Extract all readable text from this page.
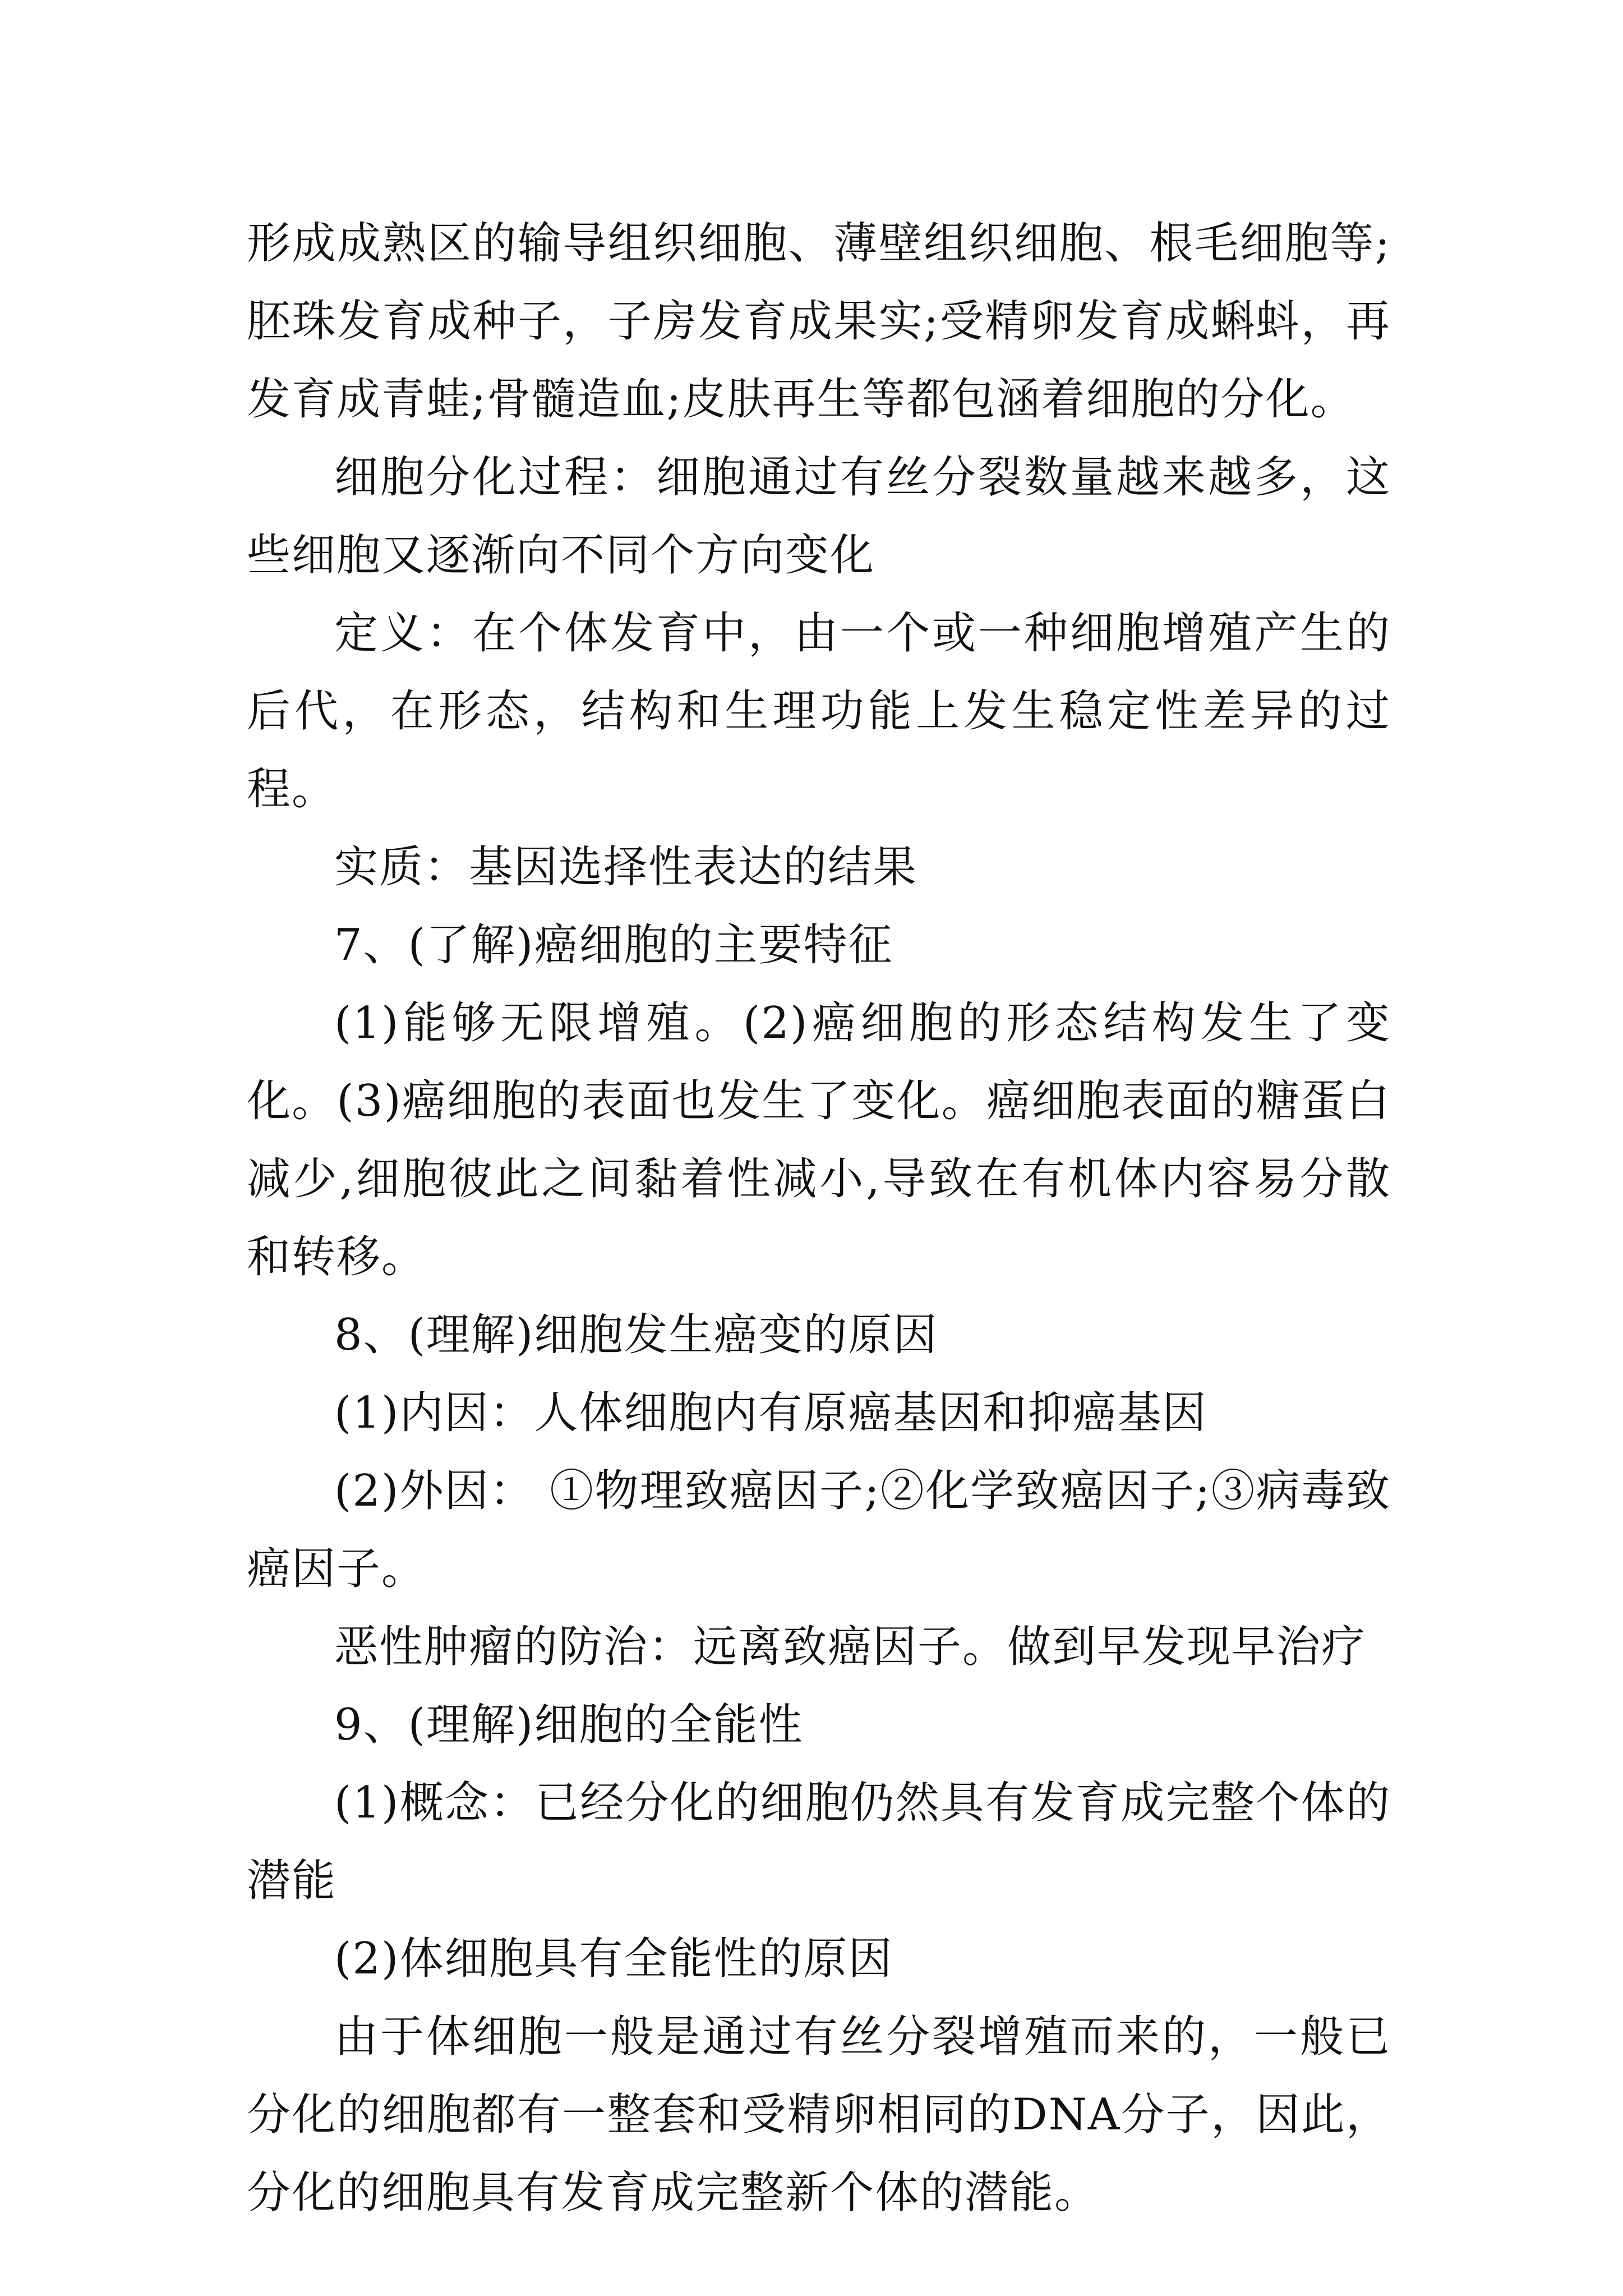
形成成熟区的输导组织细胞、薄壁组织细胞、根毛细胞等;胚珠发育成种子，子房发育成果实;受精卵发育成蝌蚪，再发育成青蛙;骨髓造血;皮肤再生等都包涵着细胞的分化。

细胞分化过程：细胞通过有丝分裂数量越来越多，这些细胞又逐渐向不同个方向变化

定义：在个体发育中，由一个或一种细胞增殖产生的后代，在形态，结构和生理功能上发生稳定性差异的过程。

实质：基因选择性表达的结果

7、(了解)癌细胞的主要特征

(1)能够无限增殖。(2)癌细胞的形态结构发生了变化。(3)癌细胞的表面也发生了变化。癌细胞表面的糖蛋白减少,细胞彼此之间黏着性减小,导致在有机体内容易分散和转移。

8、(理解)细胞发生癌变的原因

(1)内因：人体细胞内有原癌基因和抑癌基因

(2)外因： ①物理致癌因子;②化学致癌因子;③病毒致癌因子。

恶性肿瘤的防治：远离致癌因子。做到早发现早治疗

9、(理解)细胞的全能性

(1)概念：已经分化的细胞仍然具有发育成完整个体的潜能

(2)体细胞具有全能性的原因

由于体细胞一般是通过有丝分裂增殖而来的，一般已分化的细胞都有一整套和受精卵相同的DNA分子，因此，分化的细胞具有发育成完整新个体的潜能。
